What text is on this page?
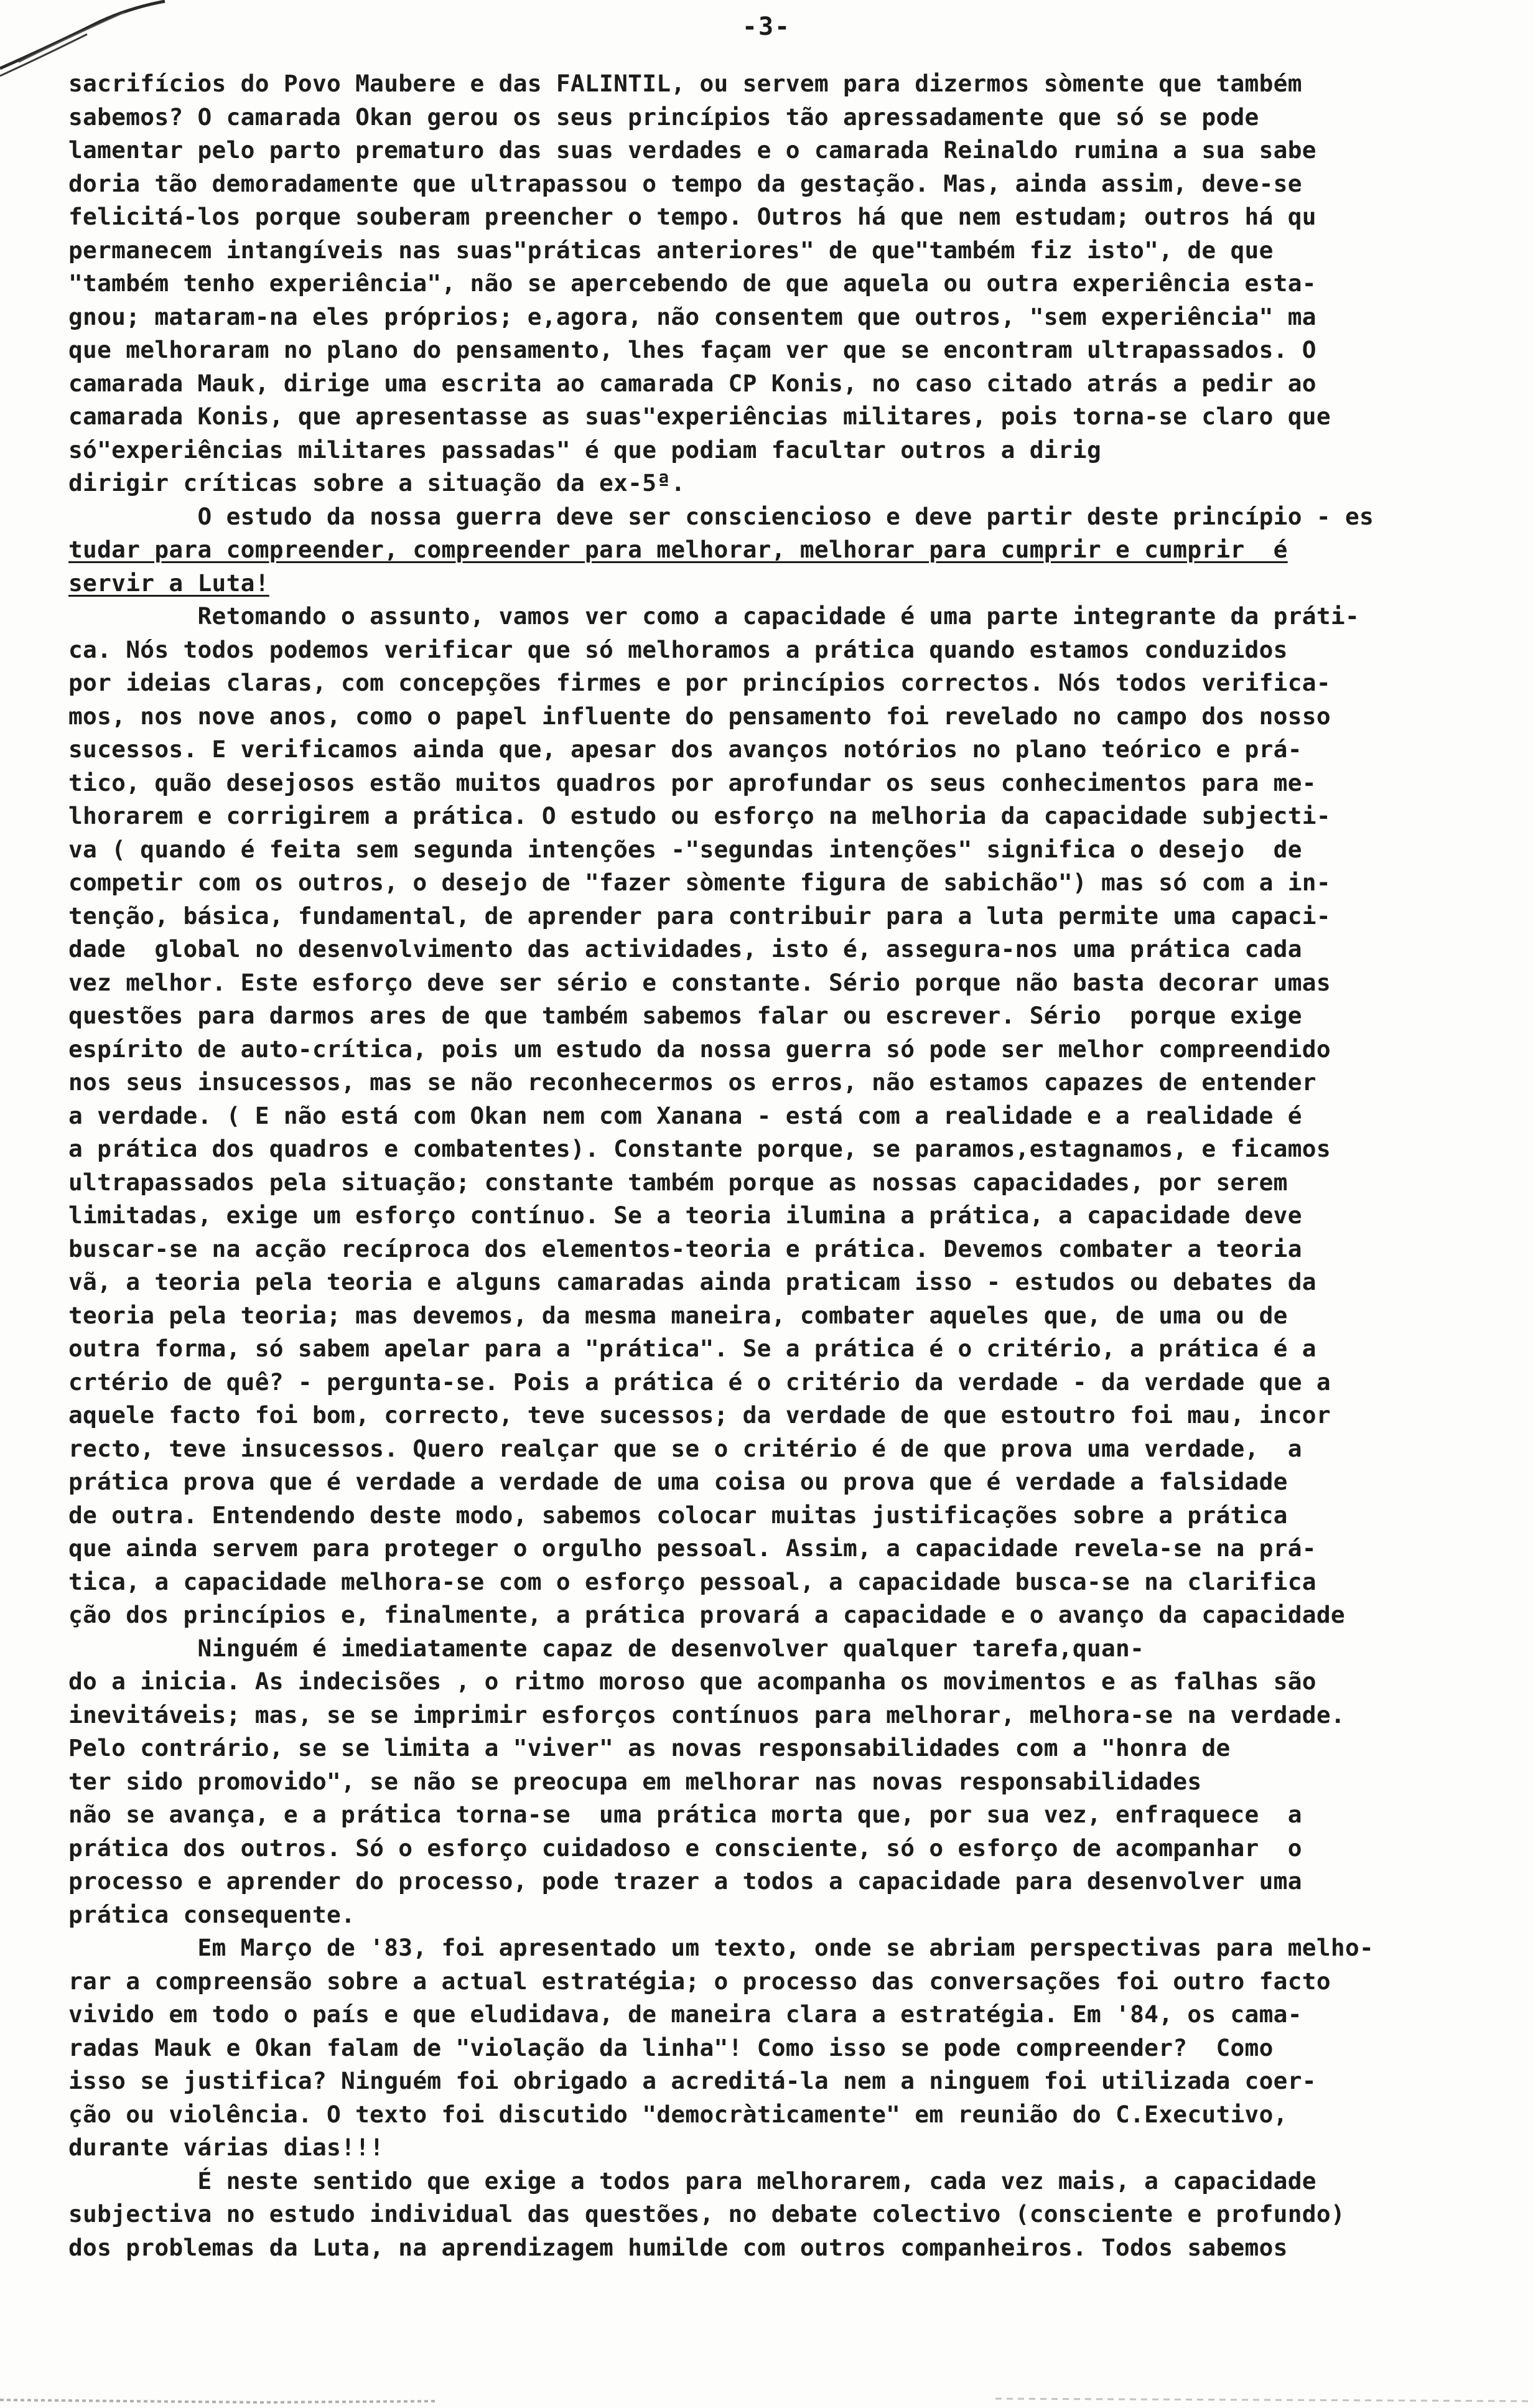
-3-
sacrifícios do Povo Maubere e das FALINTIL, ou servem para dizermos sòmente que também
sabemos? O camarada Okan gerou os seus princípios tão apressadamente que só se pode
lamentar pelo parto prematuro das suas verdades e o camarada Reinaldo rumina a sua sabe
doria tão demoradamente que ultrapassou o tempo da gestação. Mas, ainda assim, deve-se
felicitá-los porque souberam preencher o tempo. Outros há que nem estudam; outros há qu
permanecem intangíveis nas suas"práticas anteriores" de que"também fiz isto", de que
"também tenho experiência", não se apercebendo de que aquela ou outra experiência esta-
gnou; mataram-na eles próprios; e,agora, não consentem que outros, "sem experiência" ma
que melhoraram no plano do pensamento, lhes façam ver que se encontram ultrapassados. O
camarada Mauk, dirige uma escrita ao camarada CP Konis, no caso citado atrás a pedir ao
camarada Konis, que apresentasse as suas"experiências militares, pois torna-se claro que
só"experiências militares passadas" é que podiam facultar outros a dirig
dirigir críticas sobre a situação da ex-5ª.
O estudo da nossa guerra deve ser consciencioso e deve partir deste princípio - es
tudar para compreender, compreender para melhorar, melhorar para cumprir e cumprir  é
servir a Luta!
Retomando o assunto, vamos ver como a capacidade é uma parte integrante da práti-
ca. Nós todos podemos verificar que só melhoramos a prática quando estamos conduzidos
por ideias claras, com concepções firmes e por princípios correctos. Nós todos verifica-
mos, nos nove anos, como o papel influente do pensamento foi revelado no campo dos nosso
sucessos. E verificamos ainda que, apesar dos avanços notórios no plano teórico e prá-
tico, quão desejosos estão muitos quadros por aprofundar os seus conhecimentos para me-
lhorarem e corrigirem a prática. O estudo ou esforço na melhoria da capacidade subjecti-
va ( quando é feita sem segunda intenções -"segundas intenções" significa o desejo  de
competir com os outros, o desejo de "fazer sòmente figura de sabichão") mas só com a in-
tenção, básica, fundamental, de aprender para contribuir para a luta permite uma capaci-
dade  global no desenvolvimento das actividades, isto é, assegura-nos uma prática cada
vez melhor. Este esforço deve ser sério e constante. Sério porque não basta decorar umas
questões para darmos ares de que também sabemos falar ou escrever. Sério  porque exige
espírito de auto-crítica, pois um estudo da nossa guerra só pode ser melhor compreendido
nos seus insucessos, mas se não reconhecermos os erros, não estamos capazes de entender
a verdade. ( E não está com Okan nem com Xanana - está com a realidade e a realidade é
a prática dos quadros e combatentes). Constante porque, se paramos,estagnamos, e ficamos
ultrapassados pela situação; constante também porque as nossas capacidades, por serem
limitadas, exige um esforço contínuo. Se a teoria ilumina a prática, a capacidade deve
buscar-se na acção recíproca dos elementos-teoria e prática. Devemos combater a teoria
vã, a teoria pela teoria e alguns camaradas ainda praticam isso - estudos ou debates da
teoria pela teoria; mas devemos, da mesma maneira, combater aqueles que, de uma ou de
outra forma, só sabem apelar para a "prática". Se a prática é o critério, a prática é a
crtério de quê? - pergunta-se. Pois a prática é o critério da verdade - da verdade que a
aquele facto foi bom, correcto, teve sucessos; da verdade de que estoutro foi mau, incor
recto, teve insucessos. Quero realçar que se o critério é de que prova uma verdade,  a
prática prova que é verdade a verdade de uma coisa ou prova que é verdade a falsidade
de outra. Entendendo deste modo, sabemos colocar muitas justificações sobre a prática
que ainda servem para proteger o orgulho pessoal. Assim, a capacidade revela-se na prá-
tica, a capacidade melhora-se com o esforço pessoal, a capacidade busca-se na clarifica
ção dos princípios e, finalmente, a prática provará a capacidade e o avanço da capacidade
Ninguém é imediatamente capaz de desenvolver qualquer tarefa,quan-
do a inicia. As indecisões , o ritmo moroso que acompanha os movimentos e as falhas são
inevitáveis; mas, se se imprimir esforços contínuos para melhorar, melhora-se na verdade.
Pelo contrário, se se limita a "viver" as novas responsabilidades com a "honra de
ter sido promovido", se não se preocupa em melhorar nas novas responsabilidades
não se avança, e a prática torna-se  uma prática morta que, por sua vez, enfraquece  a
prática dos outros. Só o esforço cuidadoso e consciente, só o esforço de acompanhar  o
processo e aprender do processo, pode trazer a todos a capacidade para desenvolver uma
prática consequente.
Em Março de '83, foi apresentado um texto, onde se abriam perspectivas para melho-
rar a compreensão sobre a actual estratégia; o processo das conversações foi outro facto
vivido em todo o país e que eludidava, de maneira clara a estratégia. Em '84, os cama-
radas Mauk e Okan falam de "violação da linha"! Como isso se pode compreender?  Como
isso se justifica? Ninguém foi obrigado a acreditá-la nem a ninguem foi utilizada coer-
ção ou violência. O texto foi discutido "democràticamente" em reunião do C.Executivo,
durante várias dias!!!
É neste sentido que exige a todos para melhorarem, cada vez mais, a capacidade
subjectiva no estudo individual das questões, no debate colectivo (consciente e profundo)
dos problemas da Luta, na aprendizagem humilde com outros companheiros. Todos sabemos
